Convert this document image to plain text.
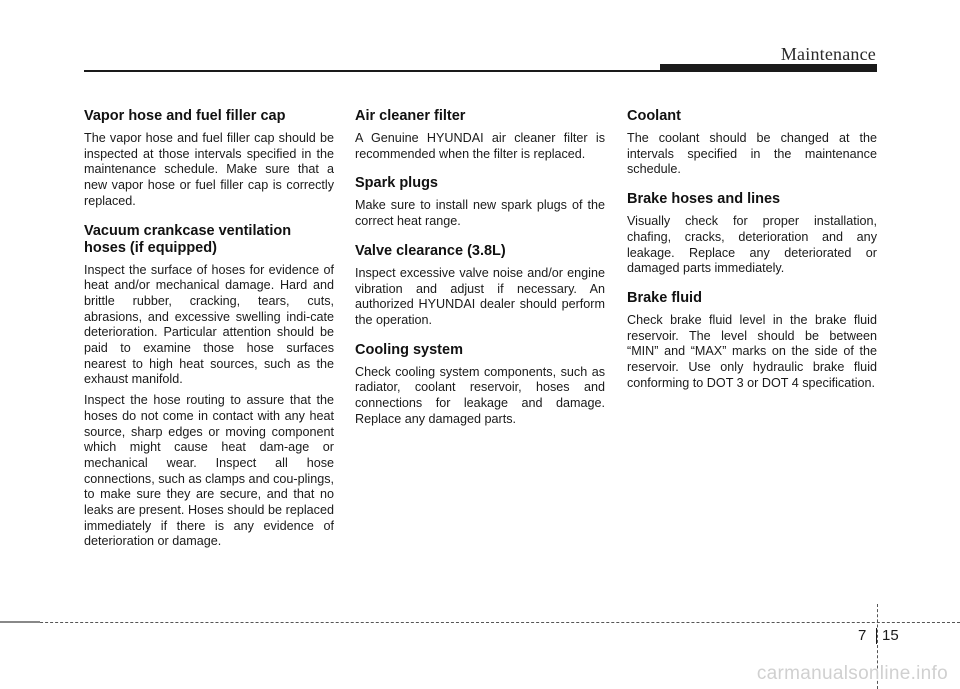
Maintenance
Vapor hose and fuel filler cap

The vapor hose and fuel filler cap should be inspected at those intervals specified in the maintenance schedule. Make sure that a new vapor hose or fuel filler cap is correctly replaced.

Vacuum crankcase ventilation hoses (if equipped)

Inspect the surface of hoses for evidence of heat and/or mechanical damage. Hard and brittle rubber, cracking, tears, cuts, abrasions, and excessive swelling indi-cate deterioration. Particular attention should be paid to examine those hose surfaces nearest to high heat sources, such as the exhaust manifold.

Inspect the hose routing to assure that the hoses do not come in contact with any heat source, sharp edges or moving component which might cause heat dam-age or mechanical wear. Inspect all hose connections, such as clamps and cou-plings, to make sure they are secure, and that no leaks are present. Hoses should be replaced immediately if there is any evidence of deterioration or damage.

Air cleaner filter

A Genuine HYUNDAI air cleaner filter is recommended when the filter is replaced.

Spark plugs

Make sure to install new spark plugs of the correct heat range.

Valve clearance (3.8L)

Inspect excessive valve noise and/or engine vibration and adjust if necessary. An authorized HYUNDAI dealer should perform the operation.

Cooling system

Check cooling system components, such as radiator, coolant reservoir, hoses and connections for leakage and damage. Replace any damaged parts.

Coolant

The coolant should be changed at the intervals specified in the maintenance schedule.

Brake hoses and lines

Visually check for proper installation, chafing, cracks, deterioration and any leakage. Replace any deteriorated or damaged parts immediately.

Brake fluid

Check brake fluid level in the brake fluid reservoir. The level should be between “MIN” and “MAX” marks on the side of the reservoir. Use only hydraulic brake fluid conforming to DOT 3 or DOT 4 specification.

7 15
carmanualsonline.info
